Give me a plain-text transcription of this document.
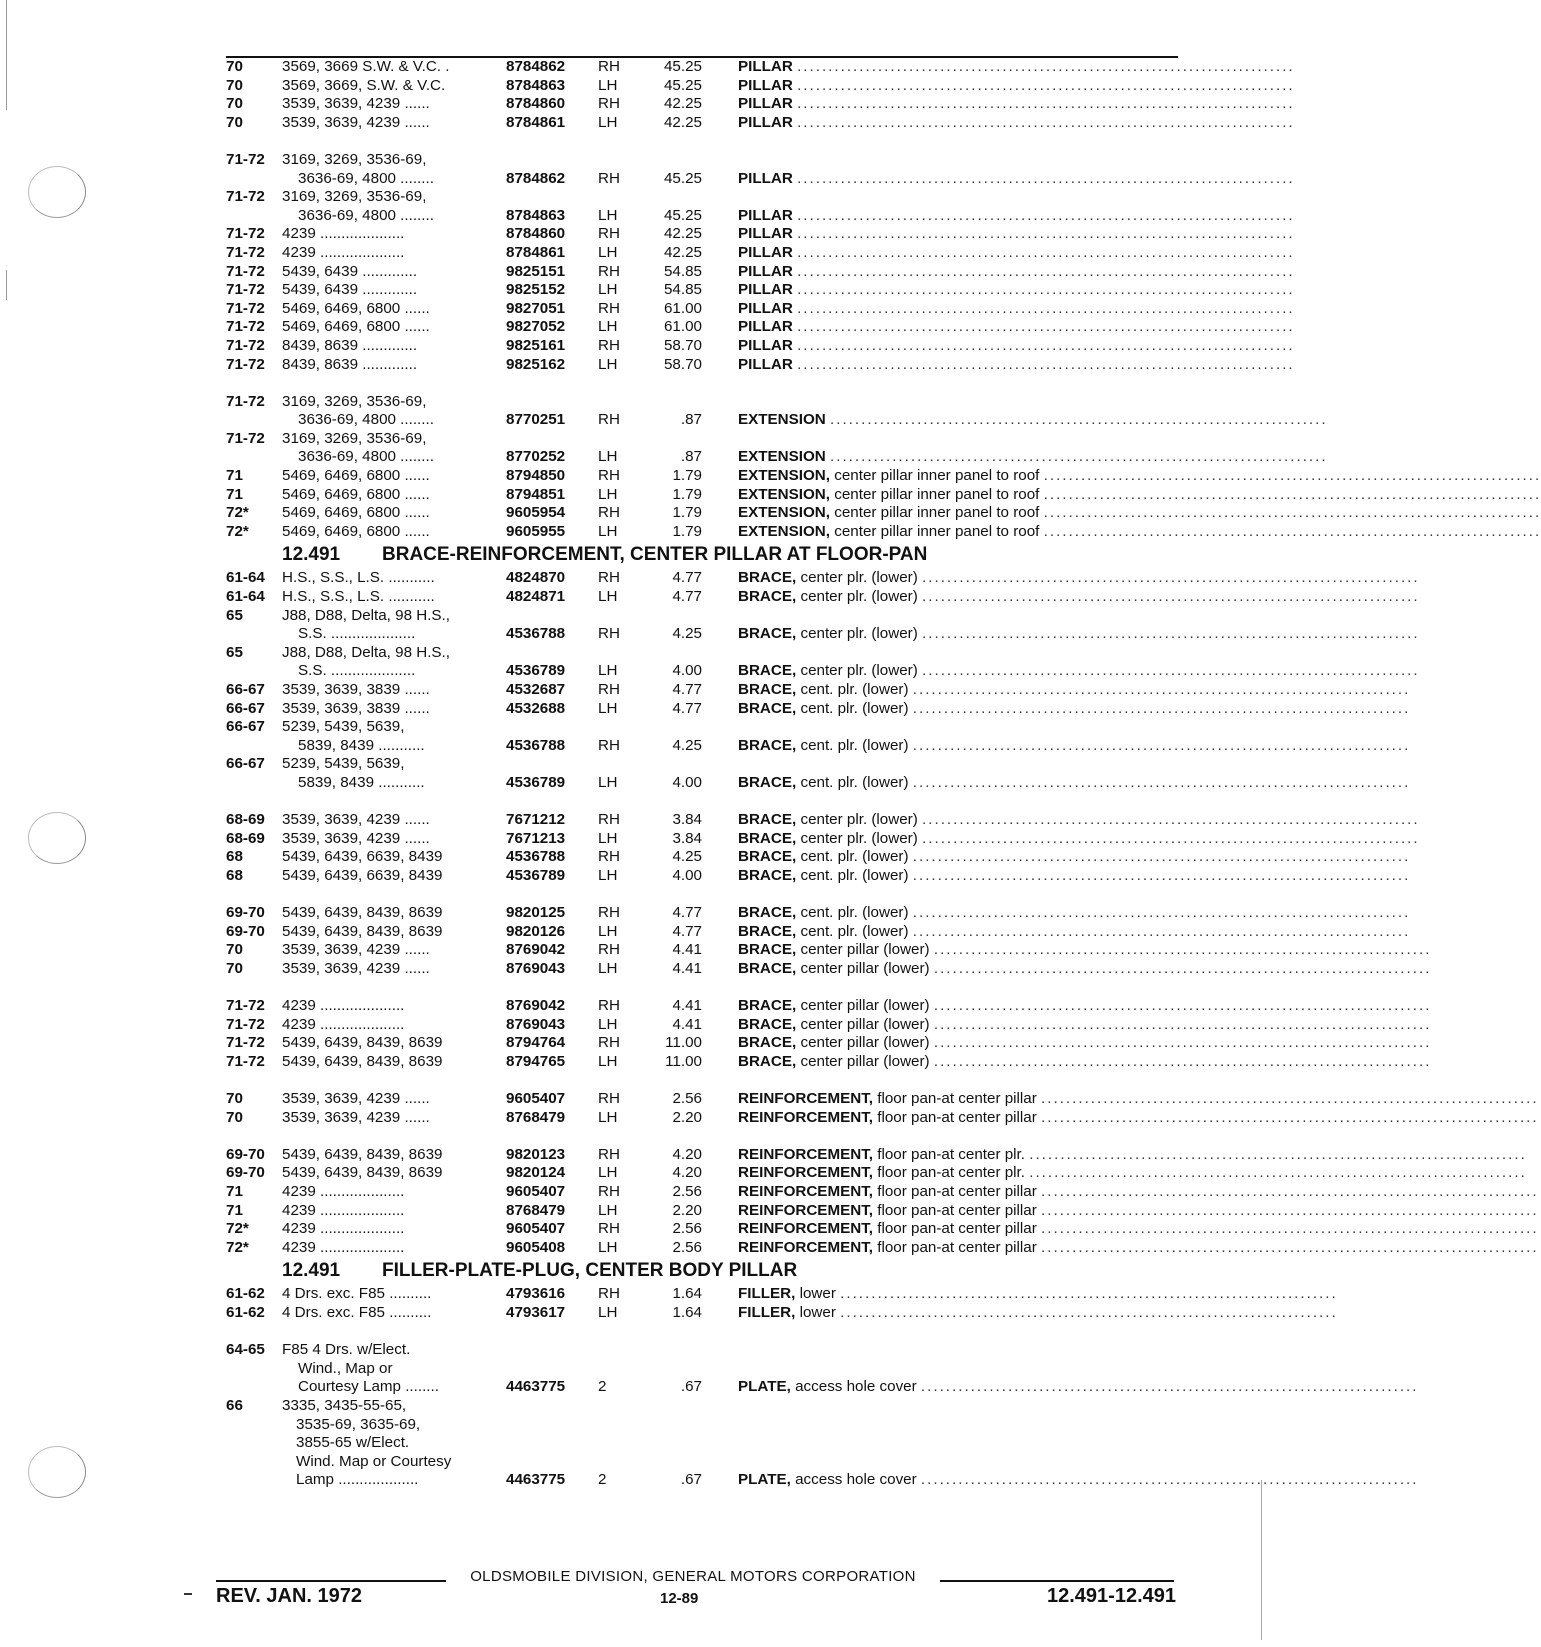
70	3569, 3669 S.W. & V.C. .	8784862	RH	45.25 PILLAR ................................................................................
70	3569, 3669, S.W. & V.C.	8784863	LH	45.25 PILLAR ................................................................................
70	3539, 3639, 4239 ......	8784860	RH	42.25 PILLAR ................................................................................
70	3539, 3639, 4239 ......	8784861	LH	42.25 PILLAR ................................................................................
71-72	3169, 3269, 3536-69,
3636-69, 4800 ........	8784862	RH	45.25 PILLAR ................................................................................
71-72	3169, 3269, 3536-69,
3636-69, 4800 ........	8784863	LH	45.25 PILLAR ................................................................................
71-72	4239 ....................	8784860	RH	42.25 PILLAR ................................................................................
71-72	4239 ....................	8784861	LH	42.25 PILLAR ................................................................................
71-72	5439, 6439 .............	9825151	RH	54.85 PILLAR ................................................................................
71-72	5439, 6439 .............	9825152	LH	54.85 PILLAR ................................................................................
71-72	5469, 6469, 6800 ......	9827051	RH	61.00 PILLAR ................................................................................
71-72	5469, 6469, 6800 ......	9827052	LH	61.00 PILLAR ................................................................................
71-72	8439, 8639 .............	9825161	RH	58.70 PILLAR ................................................................................
71-72	8439, 8639 .............	9825162	LH	58.70 PILLAR ................................................................................
71-72	3169, 3269, 3536-69,
3636-69, 4800 ........	8770251	RH	.87 EXTENSION ................................................................................
71-72	3169, 3269, 3536-69,
3636-69, 4800 ........	8770252	LH	.87 EXTENSION ................................................................................
71	5469, 6469, 6800 ......	8794850	RH	1.79 EXTENSION, center pillar inner panel to roof ................................................................................
71	5469, 6469, 6800 ......	8794851	LH	1.79 EXTENSION, center pillar inner panel to roof ................................................................................
72*	5469, 6469, 6800 ......	9605954	RH	1.79 EXTENSION, center pillar inner panel to roof ................................................................................
72*	5469, 6469, 6800 ......	9605955	LH	1.79 EXTENSION, center pillar inner panel to roof ................................................................................
12.491 BRACE-REINFORCEMENT, CENTER PILLAR AT FLOOR-PAN
61-64	H.S., S.S., L.S. ...........	4824870	RH	4.77 BRACE, center plr. (lower) ................................................................................
61-64	H.S., S.S., L.S. ...........	4824871	LH	4.77 BRACE, center plr. (lower) ................................................................................
65	J88, D88, Delta, 98 H.S.,
S.S. ....................	4536788	RH	4.25 BRACE, center plr. (lower) ................................................................................
65	J88, D88, Delta, 98 H.S.,
S.S. ....................	4536789	LH	4.00 BRACE, center plr. (lower) ................................................................................
66-67	3539, 3639, 3839 ......	4532687	RH	4.77 BRACE, cent. plr. (lower) ................................................................................
66-67	3539, 3639, 3839 ......	4532688	LH	4.77 BRACE, cent. plr. (lower) ................................................................................
66-67	5239, 5439, 5639,
5839, 8439 ...........	4536788	RH	4.25 BRACE, cent. plr. (lower) ................................................................................
66-67	5239, 5439, 5639,
5839, 8439 ...........	4536789	LH	4.00 BRACE, cent. plr. (lower) ................................................................................
68-69	3539, 3639, 4239 ......	7671212	RH	3.84 BRACE, center plr. (lower) ................................................................................
68-69	3539, 3639, 4239 ......	7671213	LH	3.84 BRACE, center plr. (lower) ................................................................................
68	5439, 6439, 6639, 8439	4536788	RH	4.25 BRACE, cent. plr. (lower) ................................................................................
68	5439, 6439, 6639, 8439	4536789	LH	4.00 BRACE, cent. plr. (lower) ................................................................................
69-70	5439, 6439, 8439, 8639	9820125	RH	4.77 BRACE, cent. plr. (lower) ................................................................................
69-70	5439, 6439, 8439, 8639	9820126	LH	4.77 BRACE, cent. plr. (lower) ................................................................................
70	3539, 3639, 4239 ......	8769042	RH	4.41 BRACE, center pillar (lower) ................................................................................
70	3539, 3639, 4239 ......	8769043	LH	4.41 BRACE, center pillar (lower) ................................................................................
71-72	4239 ....................	8769042	RH	4.41 BRACE, center pillar (lower) ................................................................................
71-72	4239 ....................	8769043	LH	4.41 BRACE, center pillar (lower) ................................................................................
71-72	5439, 6439, 8439, 8639	8794764	RH	11.00 BRACE, center pillar (lower) ................................................................................
71-72	5439, 6439, 8439, 8639	8794765	LH	11.00 BRACE, center pillar (lower) ................................................................................
70	3539, 3639, 4239 ......	9605407	RH	2.56 REINFORCEMENT, floor pan-at center pillar ................................................................................
70	3539, 3639, 4239 ......	8768479	LH	2.20 REINFORCEMENT, floor pan-at center pillar ................................................................................
69-70	5439, 6439, 8439, 8639	9820123	RH	4.20 REINFORCEMENT, floor pan-at center plr. ................................................................................
69-70	5439, 6439, 8439, 8639	9820124	LH	4.20 REINFORCEMENT, floor pan-at center plr. ................................................................................
71	4239 ....................	9605407	RH	2.56 REINFORCEMENT, floor pan-at center pillar ................................................................................
71	4239 ....................	8768479	LH	2.20 REINFORCEMENT, floor pan-at center pillar ................................................................................
72*	4239 ....................	9605407	RH	2.56 REINFORCEMENT, floor pan-at center pillar ................................................................................
72*	4239 ....................	9605408	LH	2.56 REINFORCEMENT, floor pan-at center pillar ................................................................................
12.491 FILLER-PLATE-PLUG, CENTER BODY PILLAR
61-62	4 Drs. exc. F85 ..........	4793616	RH	1.64 FILLER, lower ................................................................................
61-62	4 Drs. exc. F85 ..........	4793617	LH	1.64 FILLER, lower ................................................................................
64-65	F85 4 Drs. w/Elect.
Wind., Map or
Courtesy Lamp ........	4463775	2	.67 PLATE, access hole cover ................................................................................
66	3335, 3435-55-65,
3535-69, 3635-69,
3855-65 w/Elect.
Wind. Map or Courtesy
Lamp ...................	4463775	2	.67 PLATE, access hole cover ................................................................................
OLDSMOBILE DIVISION, GENERAL MOTORS CORPORATION
REV. JAN. 1972	12-89	12.491-12.491
